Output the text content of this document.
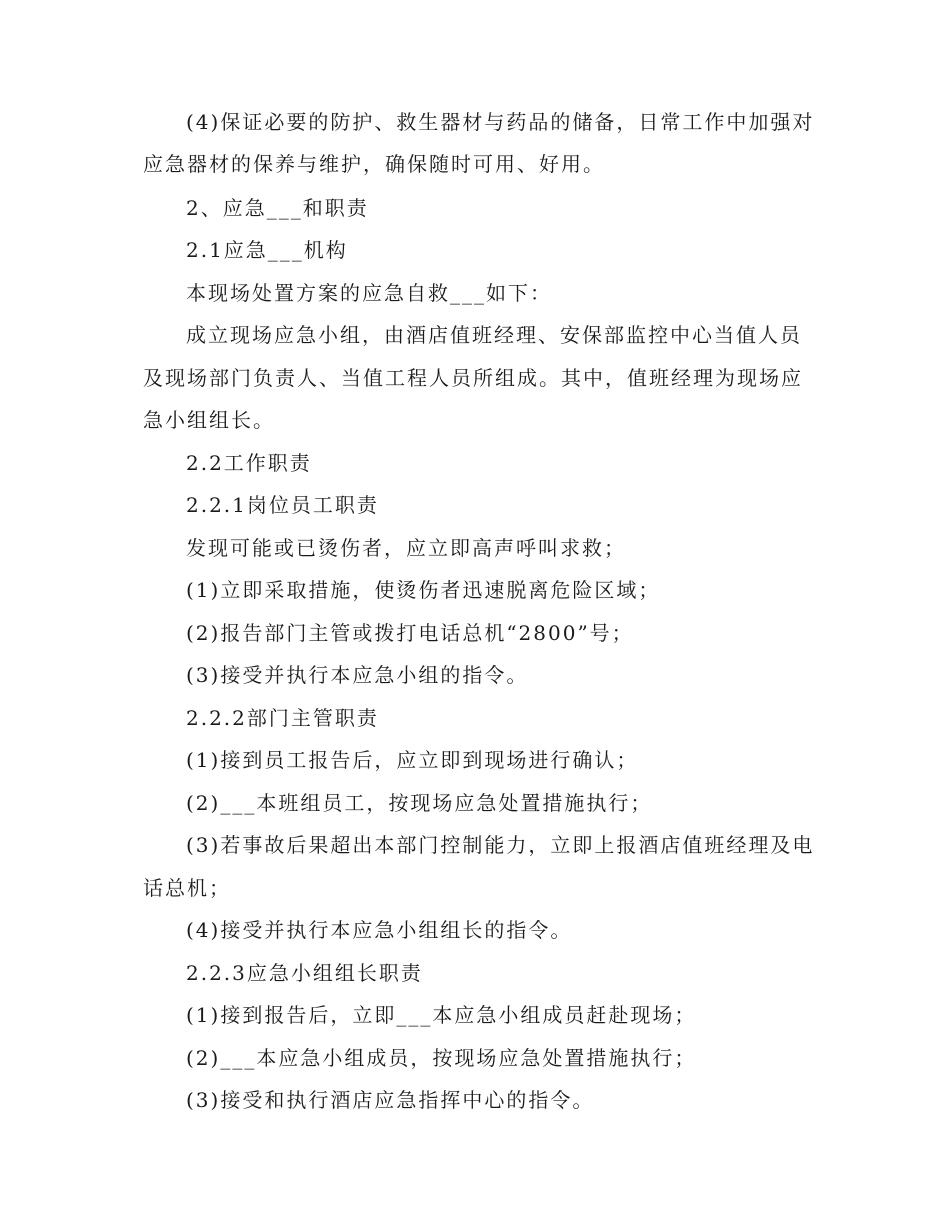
(4)保证必要的防护、救生器材与药品的储备，日常工作中加强对
应急器材的保养与维护，确保随时可用、好用。
2、应急___和职责
2.1应急___机构
本现场处置方案的应急自救___如下：
成立现场应急小组，由酒店值班经理、安保部监控中心当值人员
及现场部门负责人、当值工程人员所组成。其中，值班经理为现场应
急小组组长。
2.2工作职责
2.2.1岗位员工职责
发现可能或已烫伤者，应立即高声呼叫求救；
(1)立即采取措施，使烫伤者迅速脱离危险区域；
(2)报告部门主管或拨打电话总机“2800”号；
(3)接受并执行本应急小组的指令。
2.2.2部门主管职责
(1)接到员工报告后，应立即到现场进行确认；
(2)___本班组员工，按现场应急处置措施执行；
(3)若事故后果超出本部门控制能力，立即上报酒店值班经理及电
话总机；
(4)接受并执行本应急小组组长的指令。
2.2.3应急小组组长职责
(1)接到报告后，立即___本应急小组成员赶赴现场；
(2)___本应急小组成员，按现场应急处置措施执行；
(3)接受和执行酒店应急指挥中心的指令。
